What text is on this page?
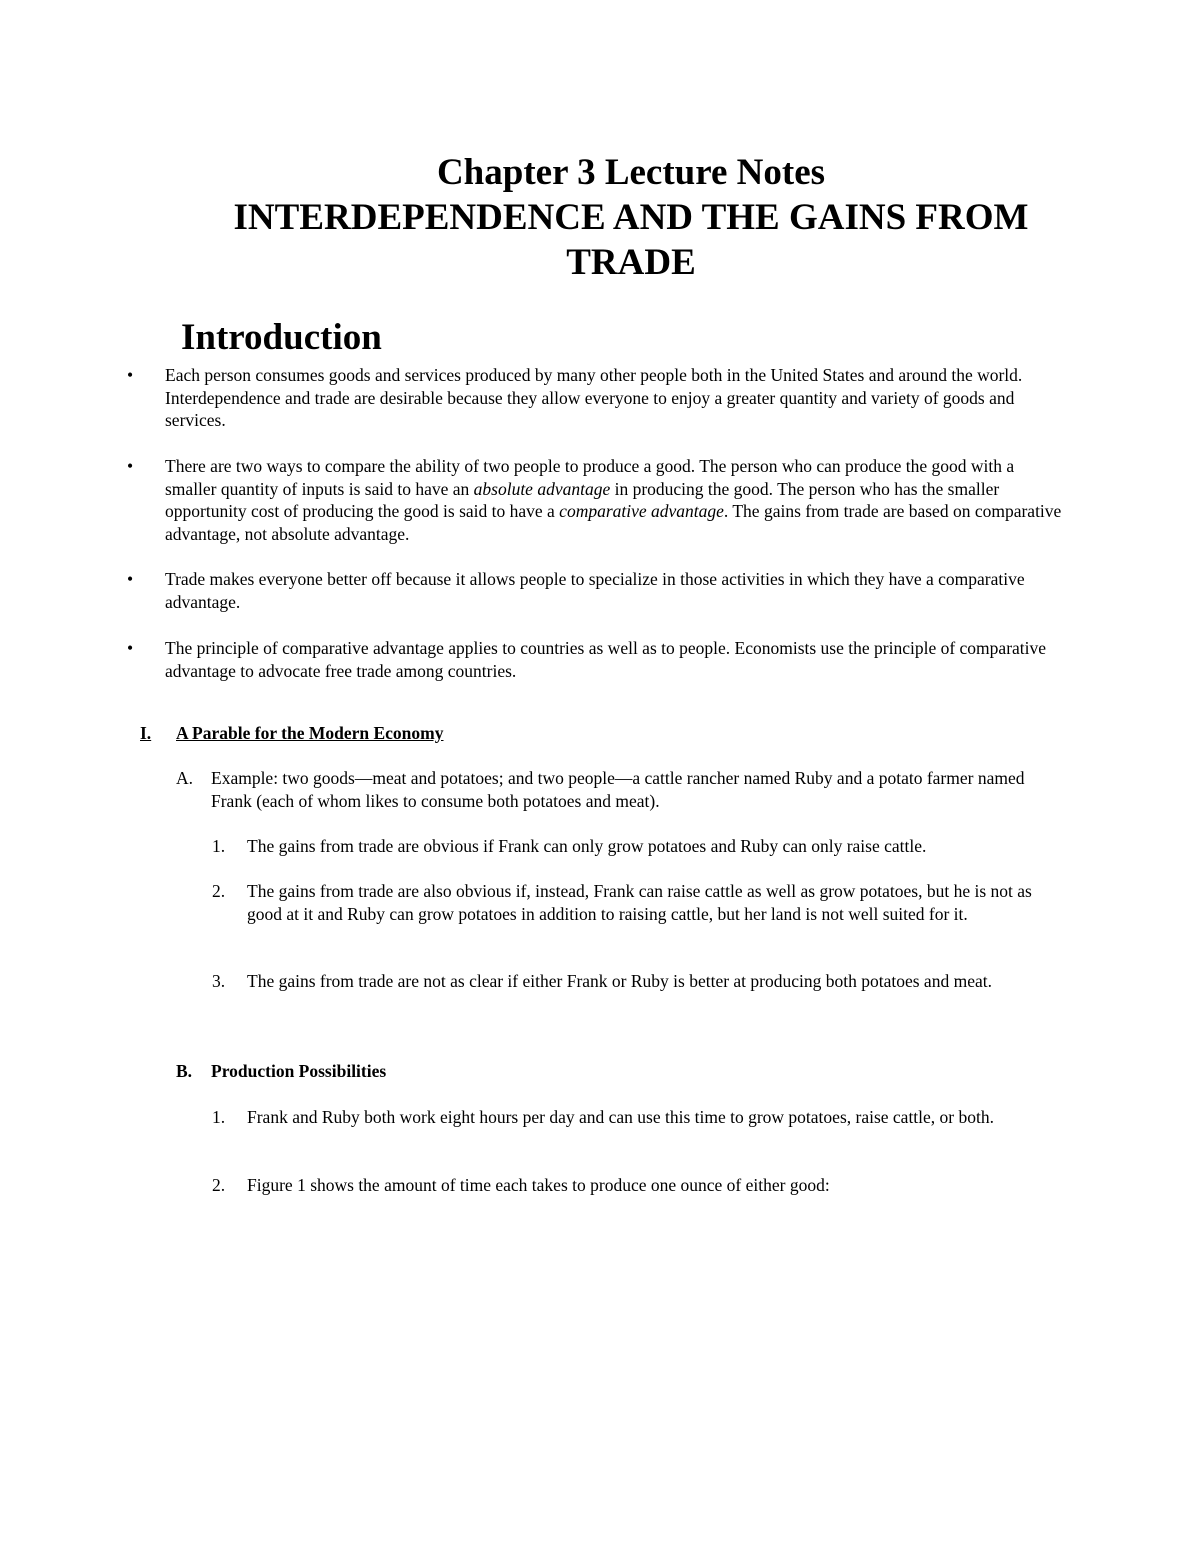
Chapter 3 Lecture Notes
INTERDEPENDENCE AND THE GAINS FROM
TRADE
Introduction
• Each person consumes goods and services produced by many other people both in the United States and around the world. Interdependence and trade are desirable because they allow everyone to enjoy a greater quantity and variety of goods and services.
• There are two ways to compare the ability of two people to produce a good. The person who can produce the good with a smaller quantity of inputs is said to have an absolute advantage in producing the good. The person who has the smaller opportunity cost of producing the good is said to have a comparative advantage. The gains from trade are based on comparative advantage, not absolute advantage.
• Trade makes everyone better off because it allows people to specialize in those activities in which they have a comparative advantage.
• The principle of comparative advantage applies to countries as well as to people. Economists use the principle of comparative advantage to advocate free trade among countries.
I. A Parable for the Modern Economy
A. Example: two goods—meat and potatoes; and two people—a cattle rancher named Ruby and a potato farmer named Frank (each of whom likes to consume both potatoes and meat).
1. The gains from trade are obvious if Frank can only grow potatoes and Ruby can only raise cattle.
2. The gains from trade are also obvious if, instead, Frank can raise cattle as well as grow potatoes, but he is not as good at it and Ruby can grow potatoes in addition to raising cattle, but her land is not well suited for it.
3. The gains from trade are not as clear if either Frank or Ruby is better at producing both potatoes and meat.
B. Production Possibilities
1. Frank and Ruby both work eight hours per day and can use this time to grow potatoes, raise cattle, or both.
2. Figure 1 shows the amount of time each takes to produce one ounce of either good:
